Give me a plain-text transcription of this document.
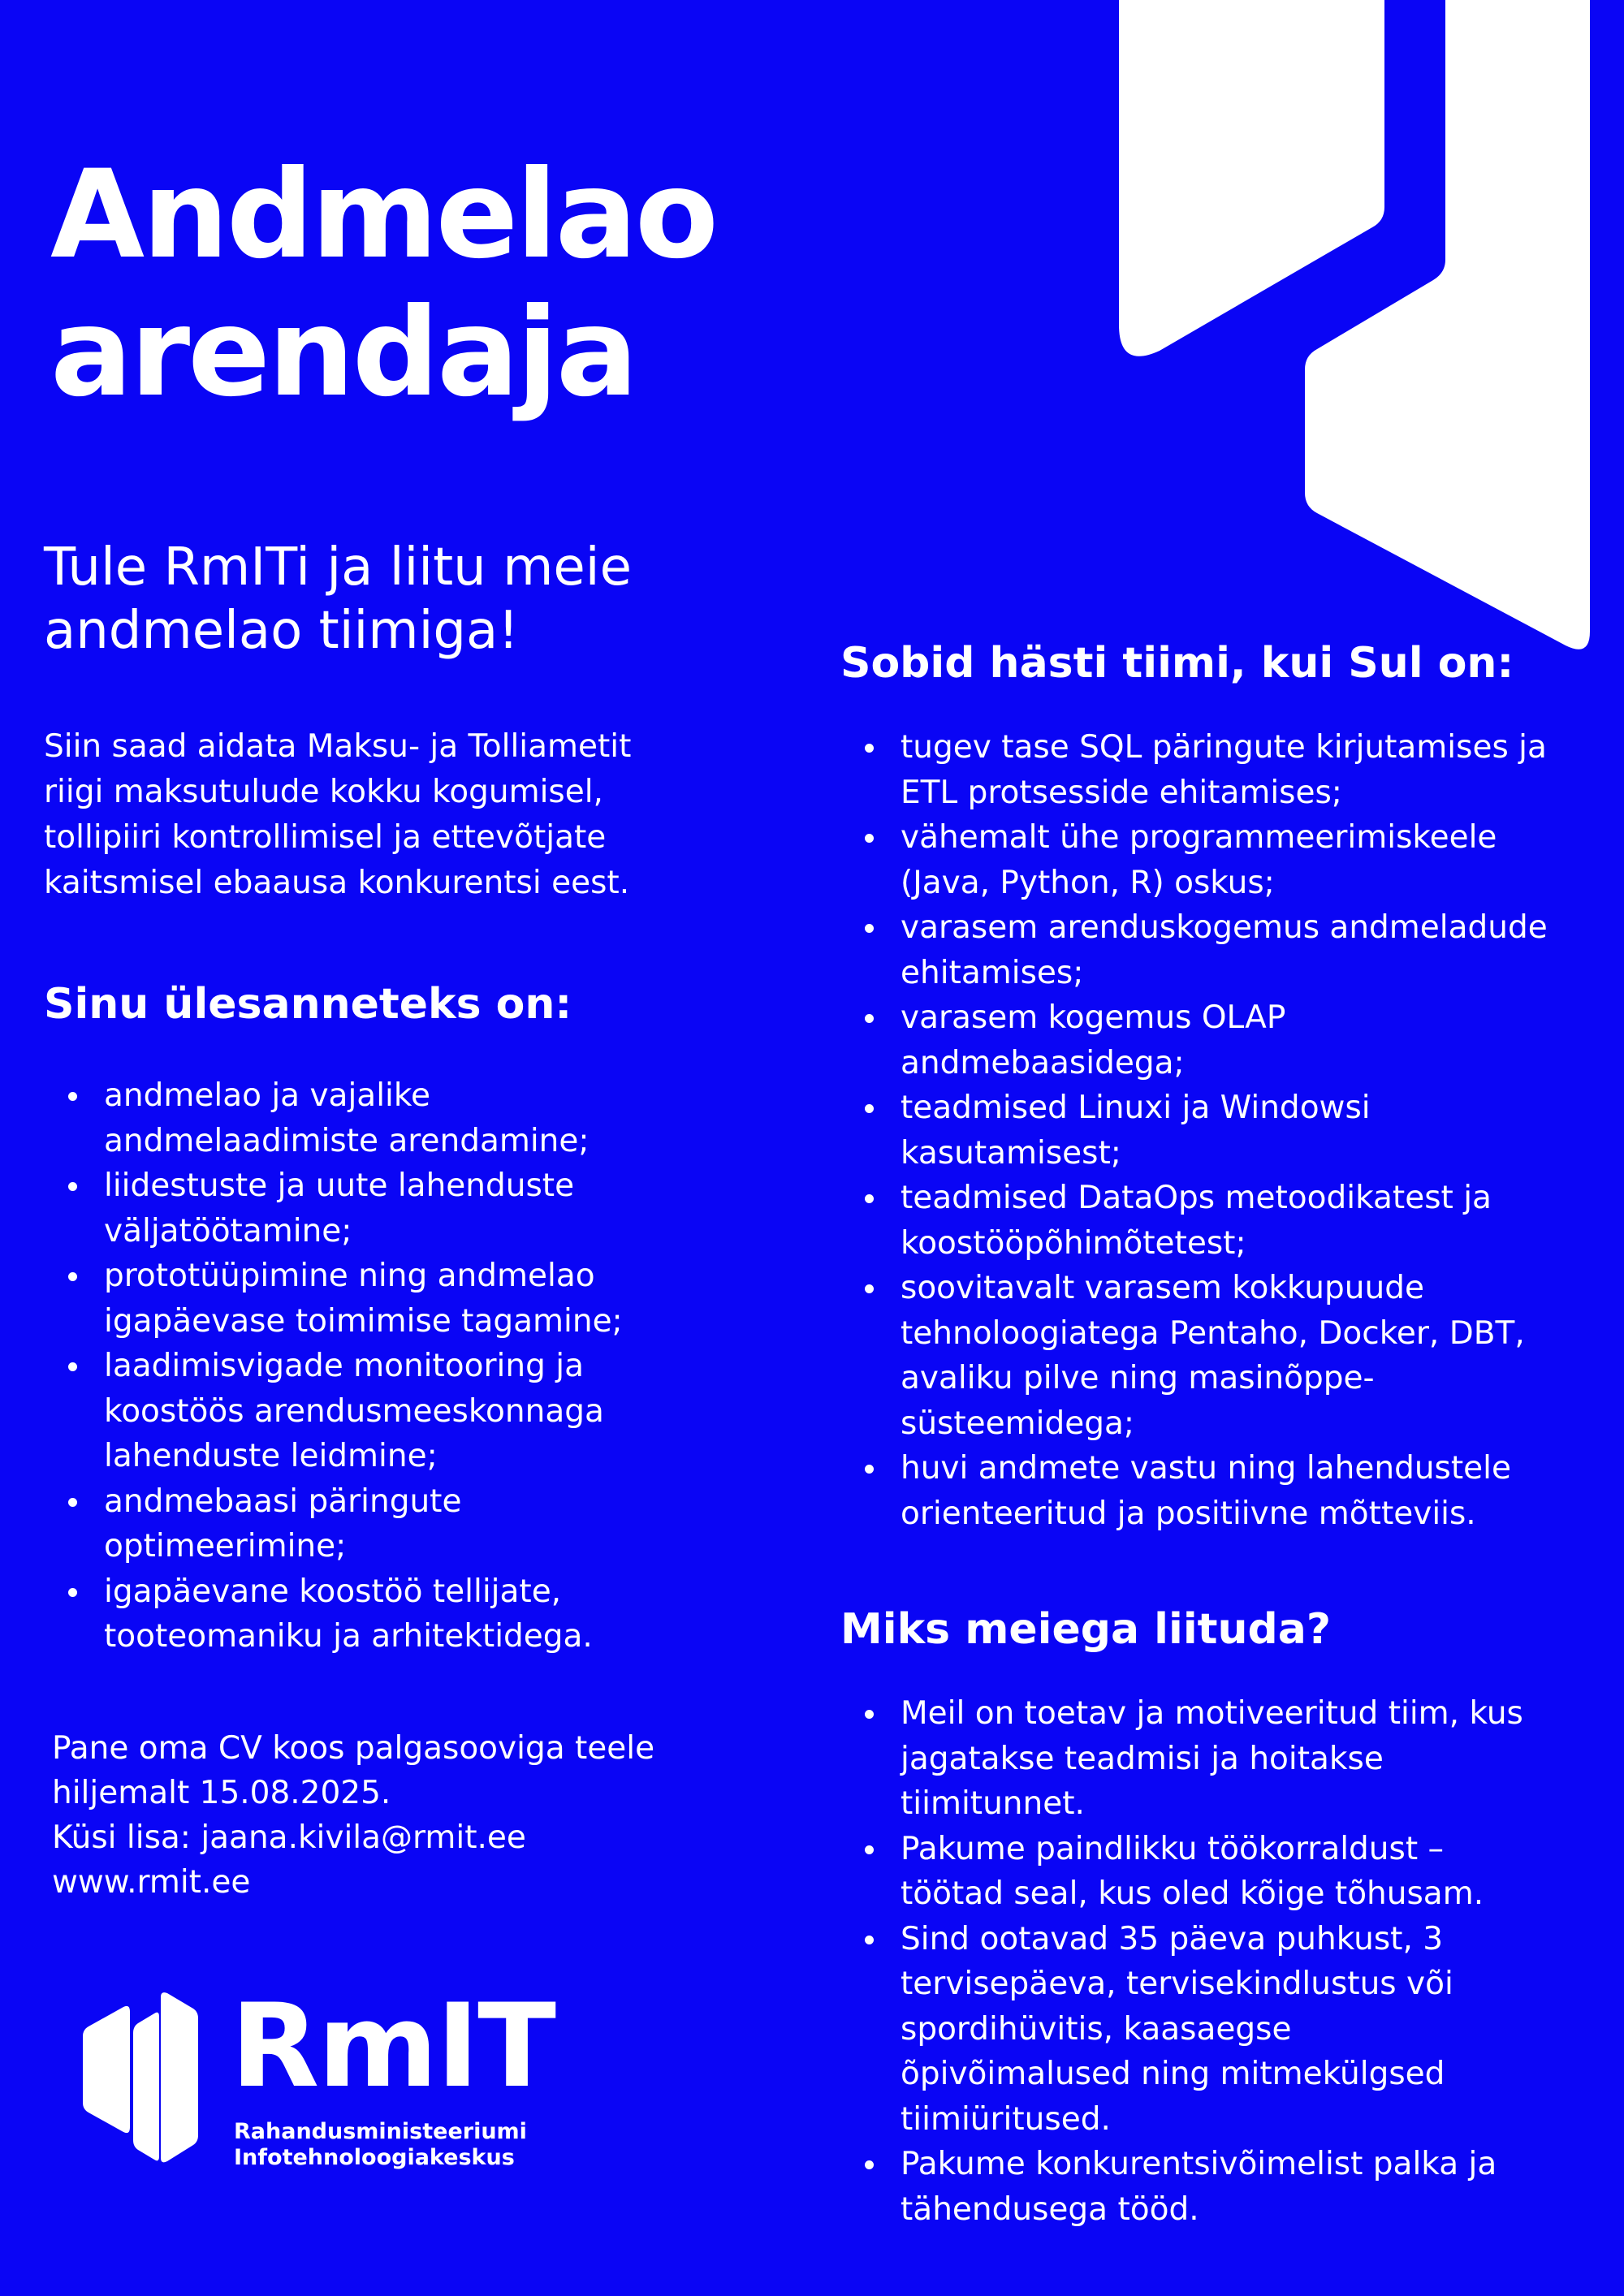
Andmelao
arendaja
Tule RmITi ja liitu meie
andmelao tiimiga!

Siin saad aidata Maksu- ja Tolliametit
riigi maksutulude kokku kogumisel,
tollipiiri kontrollimisel ja ettevõtjate
kaitsmisel ebaausa konkurentsi eest.

Sinu ülesanneteks on:
andmelao ja vajalike
andmelaadimiste arendamine;
liidestuste ja uute lahenduste
väljatöötamine;
prototüüpimine ning andmelao
igapäevase toimimise tagamine;
laadimisvigade monitooring ja
koostöös arendusmeeskonnaga
lahenduste leidmine;
andmebaasi päringute
optimeerimine;
igapäevane koostöö tellijate,
tooteomaniku ja arhitektidega.

Pane oma CV koos palgasooviga teele
hiljemalt 15.08.2025.
Küsi lisa: jaana.kivila@rmit.ee
www.rmit.ee

RmIT
Rahandusministeeriumi
Infotehnoloogiakeskus
Sobid hästi tiimi, kui Sul on:
tugev tase SQL päringute kirjutamises ja
ETL protsesside ehitamises;
vähemalt ühe programmeerimiskeele
(Java, Python, R) oskus;
varasem arenduskogemus andmeladude
ehitamises;
varasem kogemus OLAP
andmebaasidega;
teadmised Linuxi ja Windowsi
kasutamisest;
teadmised DataOps metoodikatest ja
koostööpõhimõtetest;
soovitavalt varasem kokkupuude
tehnoloogiatega Pentaho, Docker, DBT,
avaliku pilve ning masinõppe-
süsteemidega;
huvi andmete vastu ning lahendustele
orienteeritud ja positiivne mõtteviis.
Miks meiega liituda?
Meil on toetav ja motiveeritud tiim, kus
jagatakse teadmisi ja hoitakse
tiimitunnet.
Pakume paindlikku töökorraldust –
töötad seal, kus oled kõige tõhusam.
Sind ootavad 35 päeva puhkust, 3
tervisepäeva, tervisekindlustus või
spordihüvitis, kaasaegse
õpivõimalused ning mitmekülgsed
tiimiüritused.
Pakume konkurentsivõimelist palka ja
tähendusega tööd.
